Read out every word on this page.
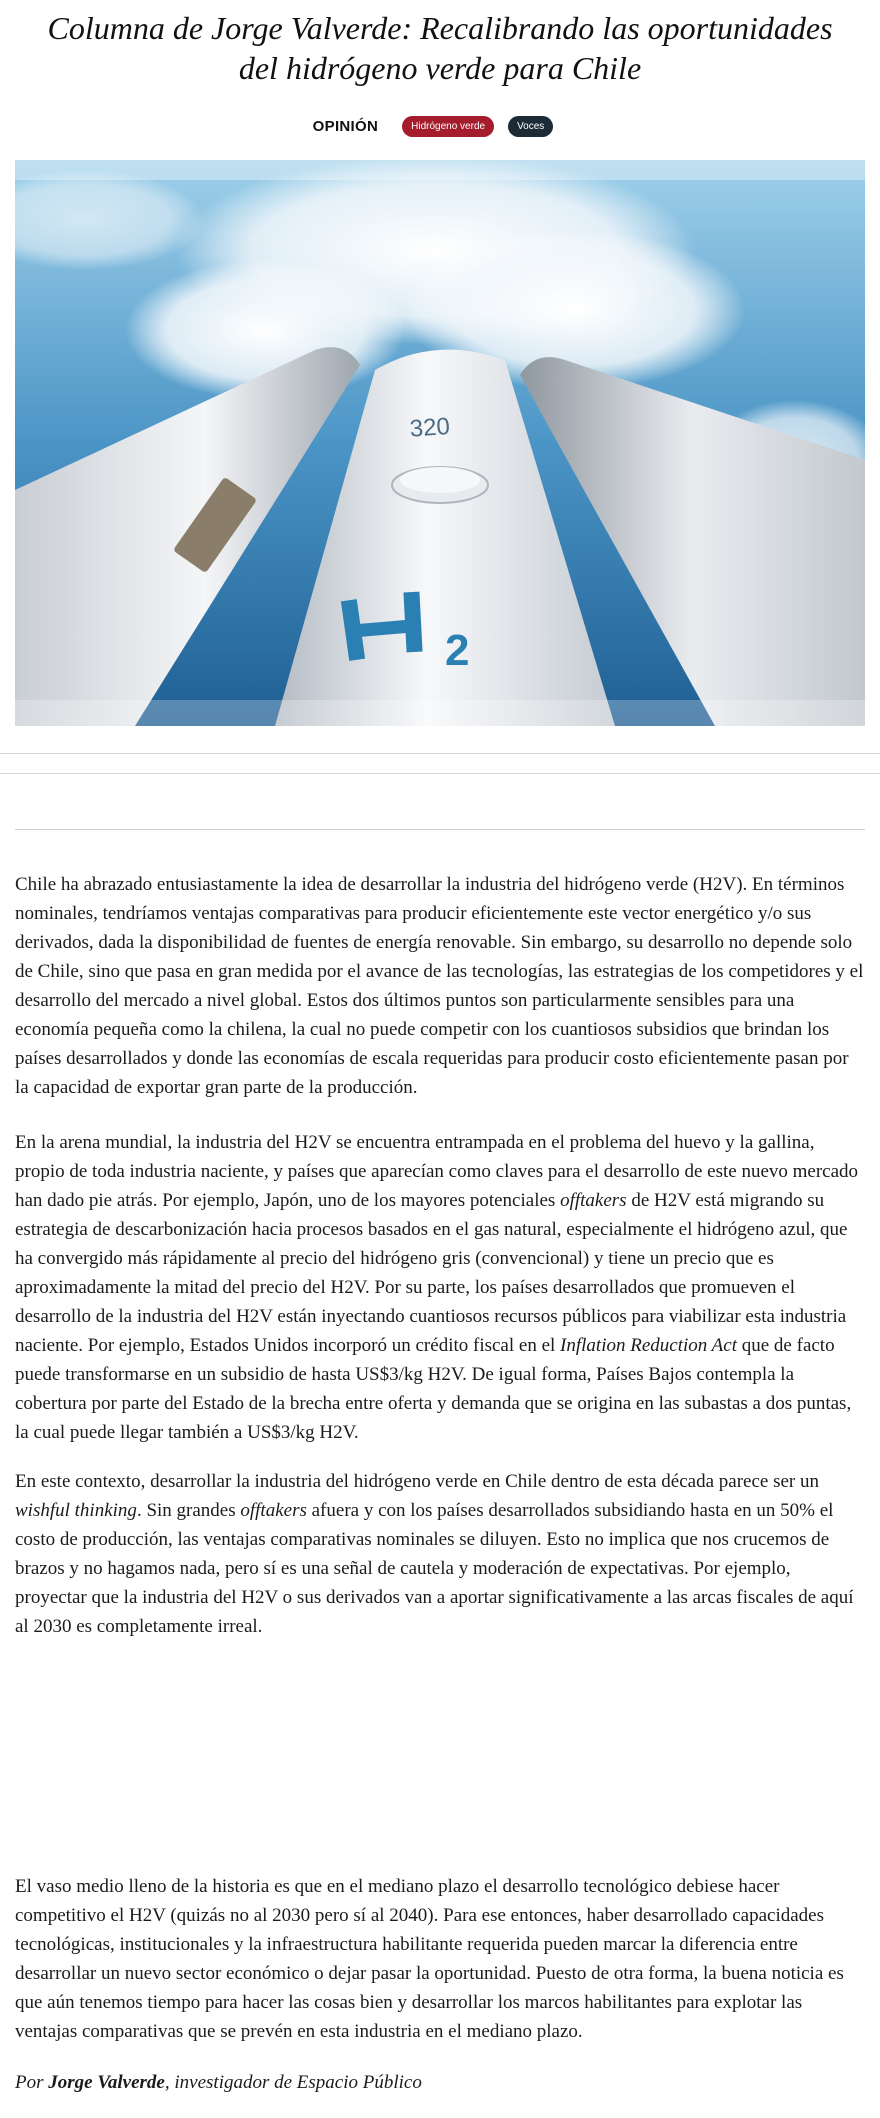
Columna de Jorge Valverde: Recalibrando las oportunidades del hidrógeno verde para Chile
OPINIÓN	Hidrógeno verde	Voces
2
320

Chile ha abrazado entusiastamente la idea de desarrollar la industria del hidrógeno verde (H2V). En términos nominales, tendríamos ventajas comparativas para producir eficientemente este vector energético y/o sus derivados, dada la disponibilidad de fuentes de energía renovable. Sin embargo, su desarrollo no depende solo de Chile, sino que pasa en gran medida por el avance de las tecnologías, las estrategias de los competidores y el desarrollo del mercado a nivel global. Estos dos últimos puntos son particularmente sensibles para una economía pequeña como la chilena, la cual no puede competir con los cuantiosos subsidios que brindan los países desarrollados y donde las economías de escala requeridas para producir costo eficientemente pasan por la capacidad de exportar gran parte de la producción.

En la arena mundial, la industria del H2V se encuentra entrampada en el problema del huevo y la gallina, propio de toda industria naciente, y países que aparecían como claves para el desarrollo de este nuevo mercado han dado pie atrás. Por ejemplo, Japón, uno de los mayores potenciales offtakers de H2V está migrando su estrategia de descarbonización hacia procesos basados en el gas natural, especialmente el hidrógeno azul, que ha convergido más rápidamente al precio del hidrógeno gris (convencional) y tiene un precio que es aproximadamente la mitad del precio del H2V. Por su parte, los países desarrollados que promueven el desarrollo de la industria del H2V están inyectando cuantiosos recursos públicos para viabilizar esta industria naciente. Por ejemplo, Estados Unidos incorporó un crédito fiscal en el Inflation Reduction Act que de facto puede transformarse en un subsidio de hasta US$3/kg H2V. De igual forma, Países Bajos contempla la cobertura por parte del Estado de la brecha entre oferta y demanda que se origina en las subastas a dos puntas, la cual puede llegar también a US$3/kg H2V.

En este contexto, desarrollar la industria del hidrógeno verde en Chile dentro de esta década parece ser un wishful thinking. Sin grandes offtakers afuera y con los países desarrollados subsidiando hasta en un 50% el costo de producción, las ventajas comparativas nominales se diluyen. Esto no implica que nos crucemos de brazos y no hagamos nada, pero sí es una señal de cautela y moderación de expectativas. Por ejemplo, proyectar que la industria del H2V o sus derivados van a aportar significativamente a las arcas fiscales de aquí al 2030 es completamente irreal.

El vaso medio lleno de la historia es que en el mediano plazo el desarrollo tecnológico debiese hacer competitivo el H2V (quizás no al 2030 pero sí al 2040). Para ese entonces, haber desarrollado capacidades tecnológicas, institucionales y la infraestructura habilitante requerida pueden marcar la diferencia entre desarrollar un nuevo sector económico o dejar pasar la oportunidad. Puesto de otra forma, la buena noticia es que aún tenemos tiempo para hacer las cosas bien y desarrollar los marcos habilitantes para explotar las ventajas comparativas que se prevén en esta industria en el mediano plazo.

Por Jorge Valverde, investigador de Espacio Público
